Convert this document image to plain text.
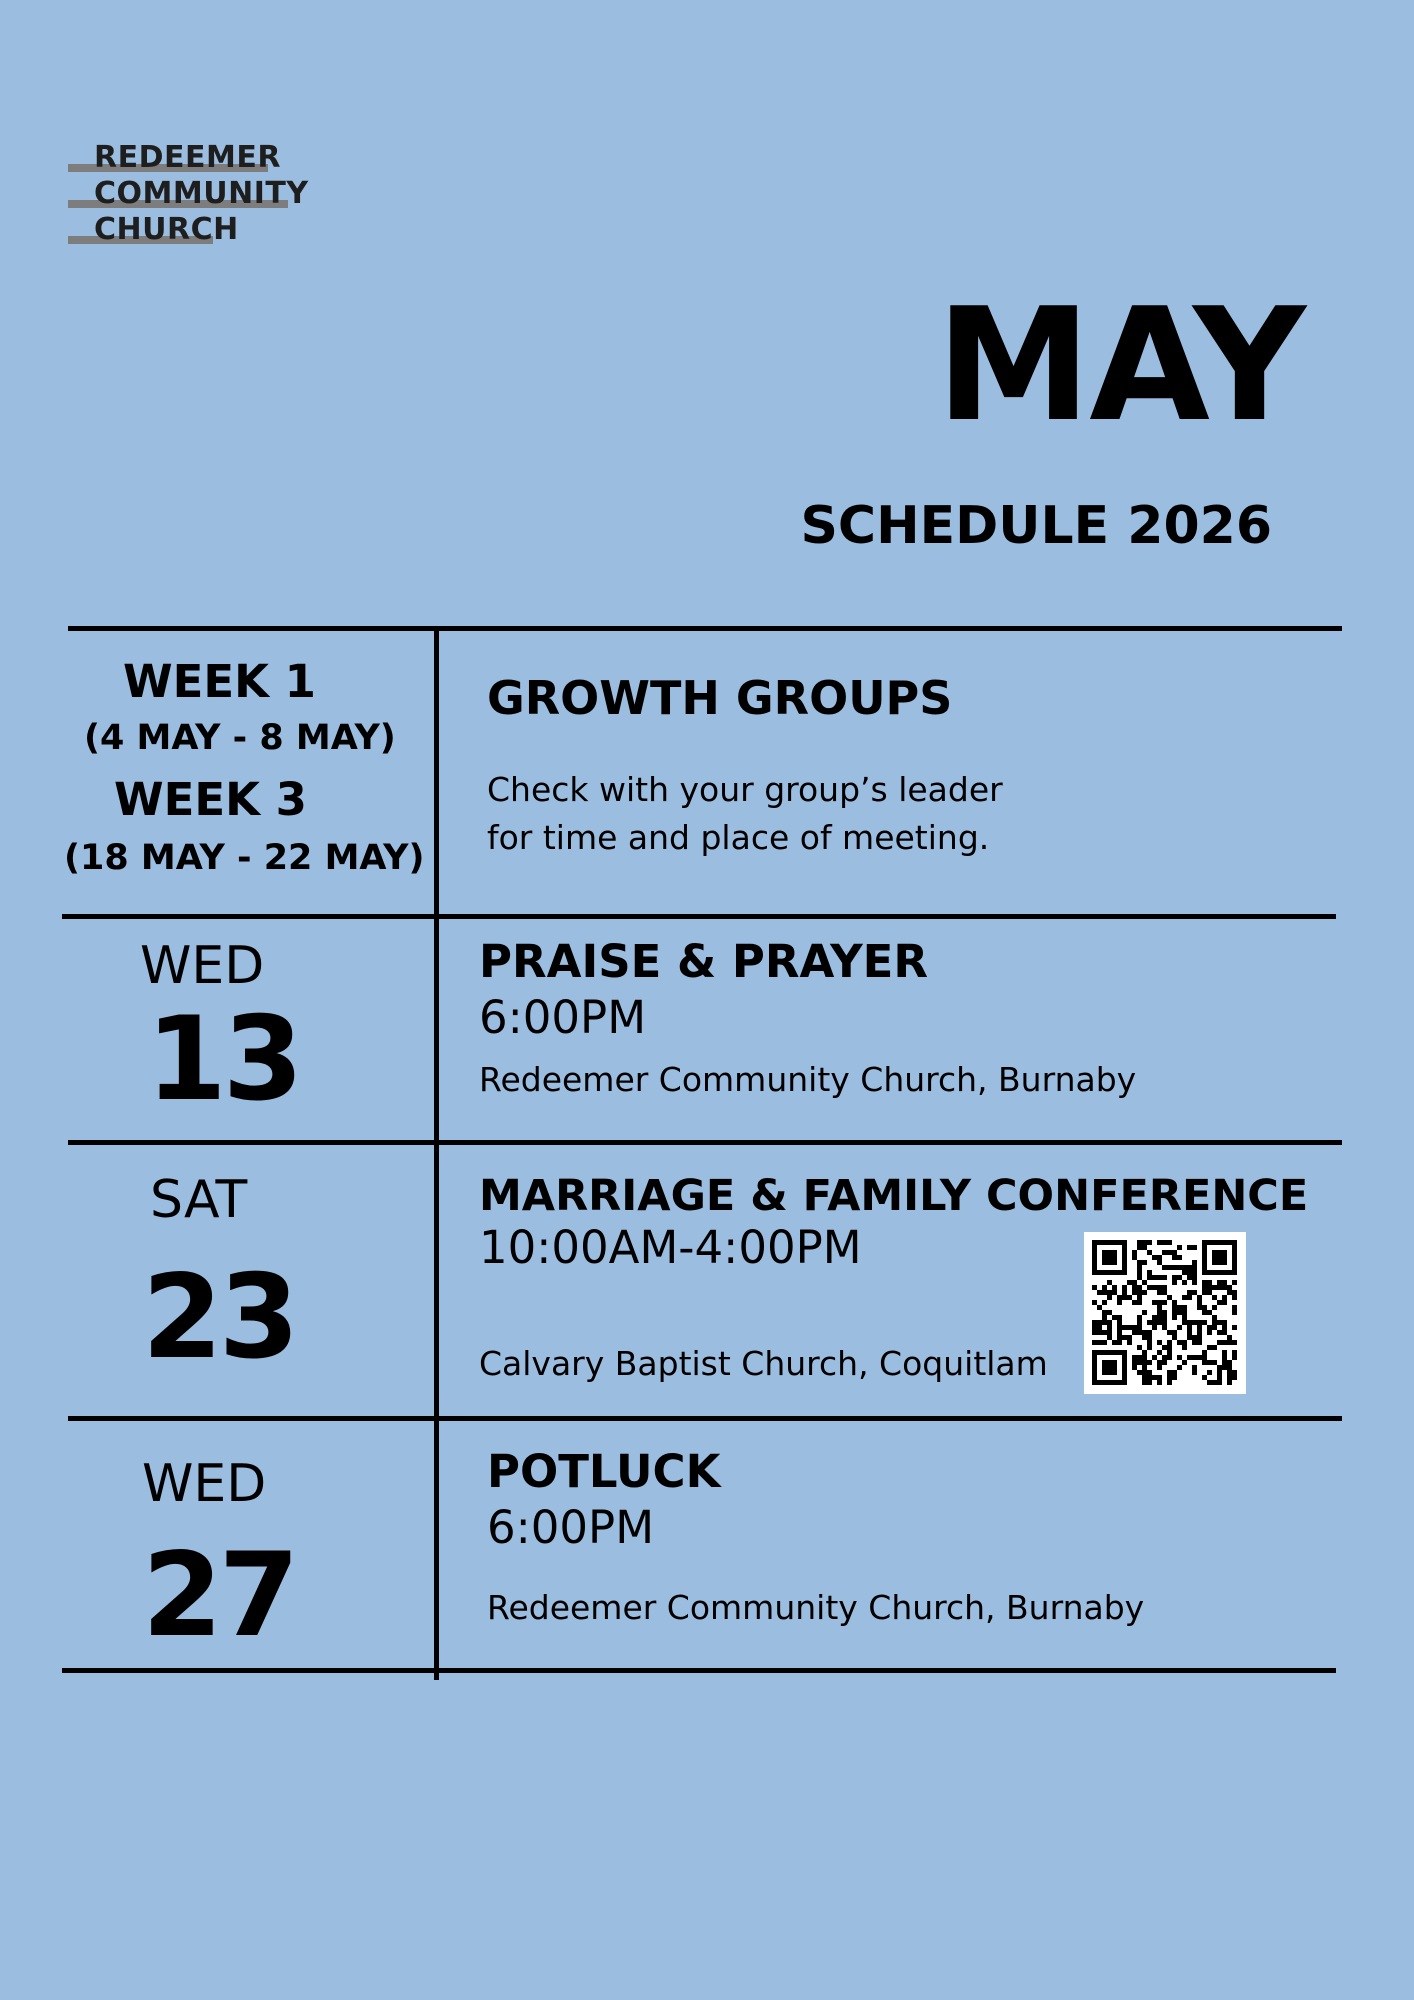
REDEEMER
COMMUNITY
CHURCH
MAY
SCHEDULE 2026
WEEK 1
(4 MAY - 8 MAY)
WEEK 3
(18 MAY - 22 MAY)
GROWTH GROUPS
Check with your group’s leader
for time and place of meeting.
WED
13
PRAISE & PRAYER
6:00PM
Redeemer Community Church, Burnaby
SAT
23
MARRIAGE & FAMILY CONFERENCE
10:00AM-4:00PM
Calvary Baptist Church, Coquitlam
WED
27
POTLUCK
6:00PM
Redeemer Community Church, Burnaby
